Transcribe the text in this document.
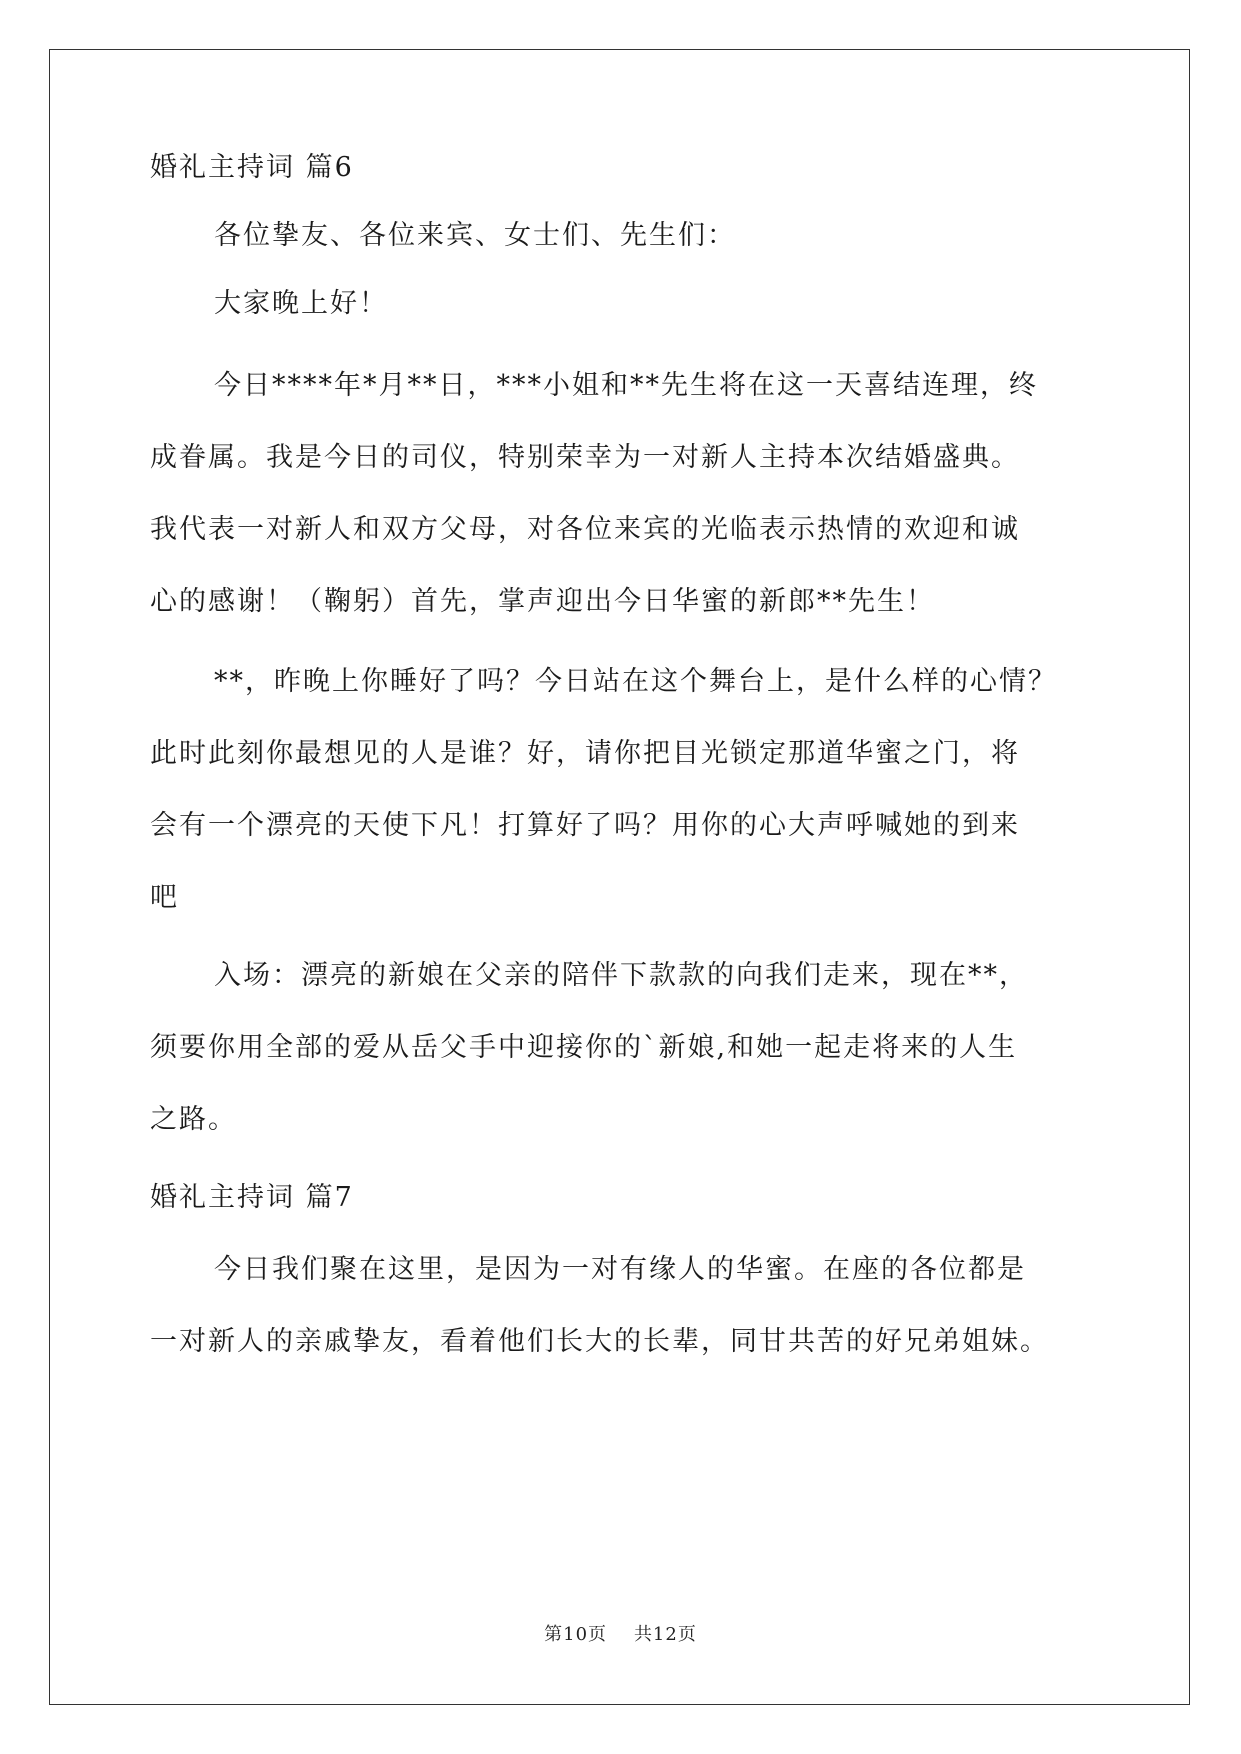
婚礼主持词 篇6
各位挚友、各位来宾、女士们、先生们：
大家晚上好！
今日****年*月**日，***小姐和**先生将在这一天喜结连理，终
成眷属。我是今日的司仪，特别荣幸为一对新人主持本次结婚盛典。
我代表一对新人和双方父母，对各位来宾的光临表示热情的欢迎和诚
心的感谢！（鞠躬）首先，掌声迎出今日华蜜的新郎**先生！
**，昨晚上你睡好了吗？今日站在这个舞台上，是什么样的心情？
此时此刻你最想见的人是谁？好，请你把目光锁定那道华蜜之门，将
会有一个漂亮的天使下凡！打算好了吗？用你的心大声呼喊她的到来
吧
入场：漂亮的新娘在父亲的陪伴下款款的向我们走来，现在**，
须要你用全部的爱从岳父手中迎接你的`新娘,和她一起走将来的人生
之路。
婚礼主持词 篇7
今日我们聚在这里，是因为一对有缘人的华蜜。在座的各位都是
一对新人的亲戚挚友，看着他们长大的长辈，同甘共苦的好兄弟姐妹。
第10页 共12页
